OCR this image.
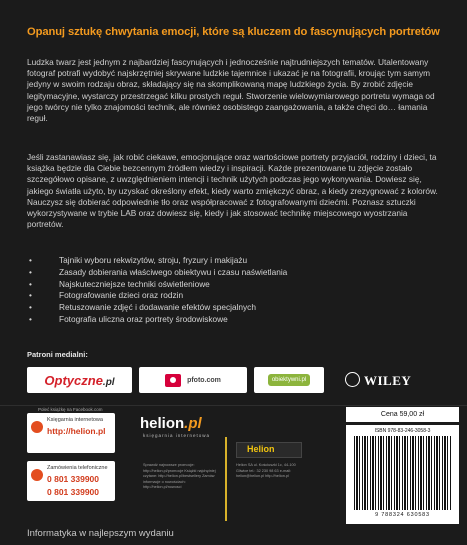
Opanuj sztukę chwytania emocji, które są kluczem do fascynujących portretów
Ludzka twarz jest jednym z najbardziej fascynujących i jednocześnie najtrudniejszych tematów. Utalentowany fotograf potrafi wydobyć najskrzętniej skrywane ludzkie tajemnice i ukazać je na fotografii, kroując tym samym jedyny w swoim rodzaju obraz, składający się na skomplikowaną mapę ludzkiego życia. By zrobić zdjęcie legitymacyjne, wystarczy przestrzegać kilku prostych reguł. Stworzenie wielowymiarowego portretu wymaga od jego twórcy nie tylko znajomości technik, ale również osobistego zaangażowania, a także chęci do… łamania reguł.
Jeśli zastanawiasz się, jak robić ciekawe, emocjonujące oraz wartościowe portrety przyjaciół, rodziny i dzieci, ta książka będzie dla Ciebie bezcennym źródłem wiedzy i inspiracji. Każde prezentowane tu zdjęcie zostało szczegółowo opisane, z uwzględnieniem intencji i technik użytych podczas jego wykonywania. Dowiesz się, jakiego światła użyto, by uzyskać określony efekt, kiedy warto zmiękczyć obraz, a kiedy zrezygnować z kolorów. Nauczysz się dobierać odpowiednie tło oraz współpracować z fotografowanymi dziećmi. Poznasz sztuczki wykorzystywane w trybie LAB oraz dowiesz się, kiedy i jak stosować technikę miejscowego wyostrzania portretów.
•	Tajniki wyboru rekwizytów, stroju, fryzury i makijażu
•	Zasady dobierania właściwego obiektywu i czasu naświetlania
•	Najskuteczniejsze techniki oświetleniowe
•	Fotografowanie dzieci oraz rodzin
•	Retuszowanie zdjęć i dodawanie efektów specjalnych
•	Fotografia uliczna oraz portrety środowiskowe
Patroni medialni:
Optyczne.pl	pfoto.com	obiektywni.pl	WILEY
Poleć książkę na Facebook.com
Księgarnia internetowa
http://helion.pl
Zamówienia telefoniczne
0 801 339900
0 801 339900
helion.pl
księgarnia internetowa
Sprawdź najnowsze promocje: http://helion.pl/promocje Książki najchętniej czytane: http://helion.pl/bestsellery Zamów informacje o nowościach: http://helion.pl/nowosci
Helion
Helion SA ul. Kościuszki 1c, 44-100 Gliwice tel.: 32 230 98 63 e-mail: helion@helion.pl http://helion.pl
Cena 59,00 zł
ISBN 978-83-246-3058-3
9 788324 630583
Informatyka w najlepszym wydaniu
